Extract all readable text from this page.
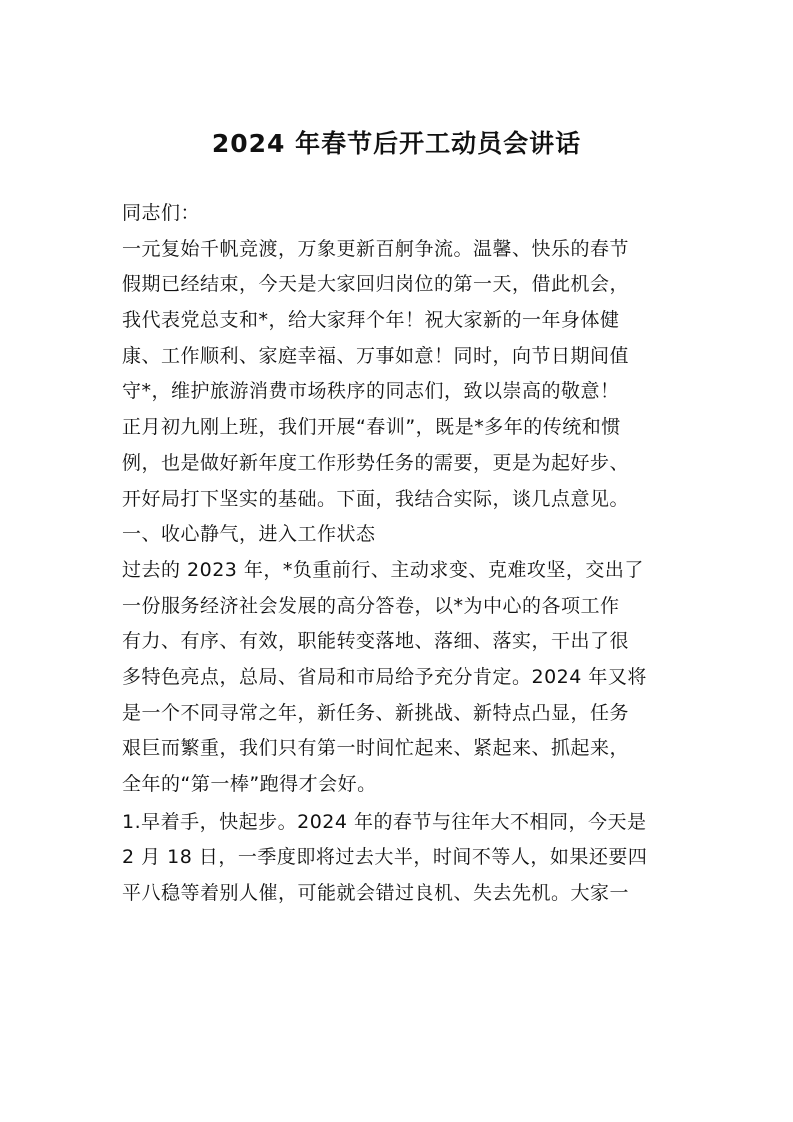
2024 年春节后开工动员会讲话
同志们：
一元复始千帆竞渡，万象更新百舸争流。温馨、快乐的春节
假期已经结束，今天是大家回归岗位的第一天，借此机会，
我代表党总支和*，给大家拜个年！祝大家新的一年身体健
康、工作顺利、家庭幸福、万事如意！同时，向节日期间值
守*，维护旅游消费市场秩序的同志们，致以崇高的敬意！
正月初九刚上班，我们开展“春训”，既是*多年的传统和惯
例，也是做好新年度工作形势任务的需要，更是为起好步、
开好局打下坚实的基础。下面，我结合实际，谈几点意见。
一、收心静气，进入工作状态
过去的 2023 年，*负重前行、主动求变、克难攻坚，交出了
一份服务经济社会发展的高分答卷，以*为中心的各项工作
有力、有序、有效，职能转变落地、落细、落实，干出了很
多特色亮点，总局、省局和市局给予充分肯定。2024 年又将
是一个不同寻常之年，新任务、新挑战、新特点凸显，任务
艰巨而繁重，我们只有第一时间忙起来、紧起来、抓起来，
全年的“第一棒”跑得才会好。
1.早着手，快起步。2024 年的春节与往年大不相同，今天是
2 月 18 日，一季度即将过去大半，时间不等人，如果还要四
平八稳等着别人催，可能就会错过良机、失去先机。大家一
